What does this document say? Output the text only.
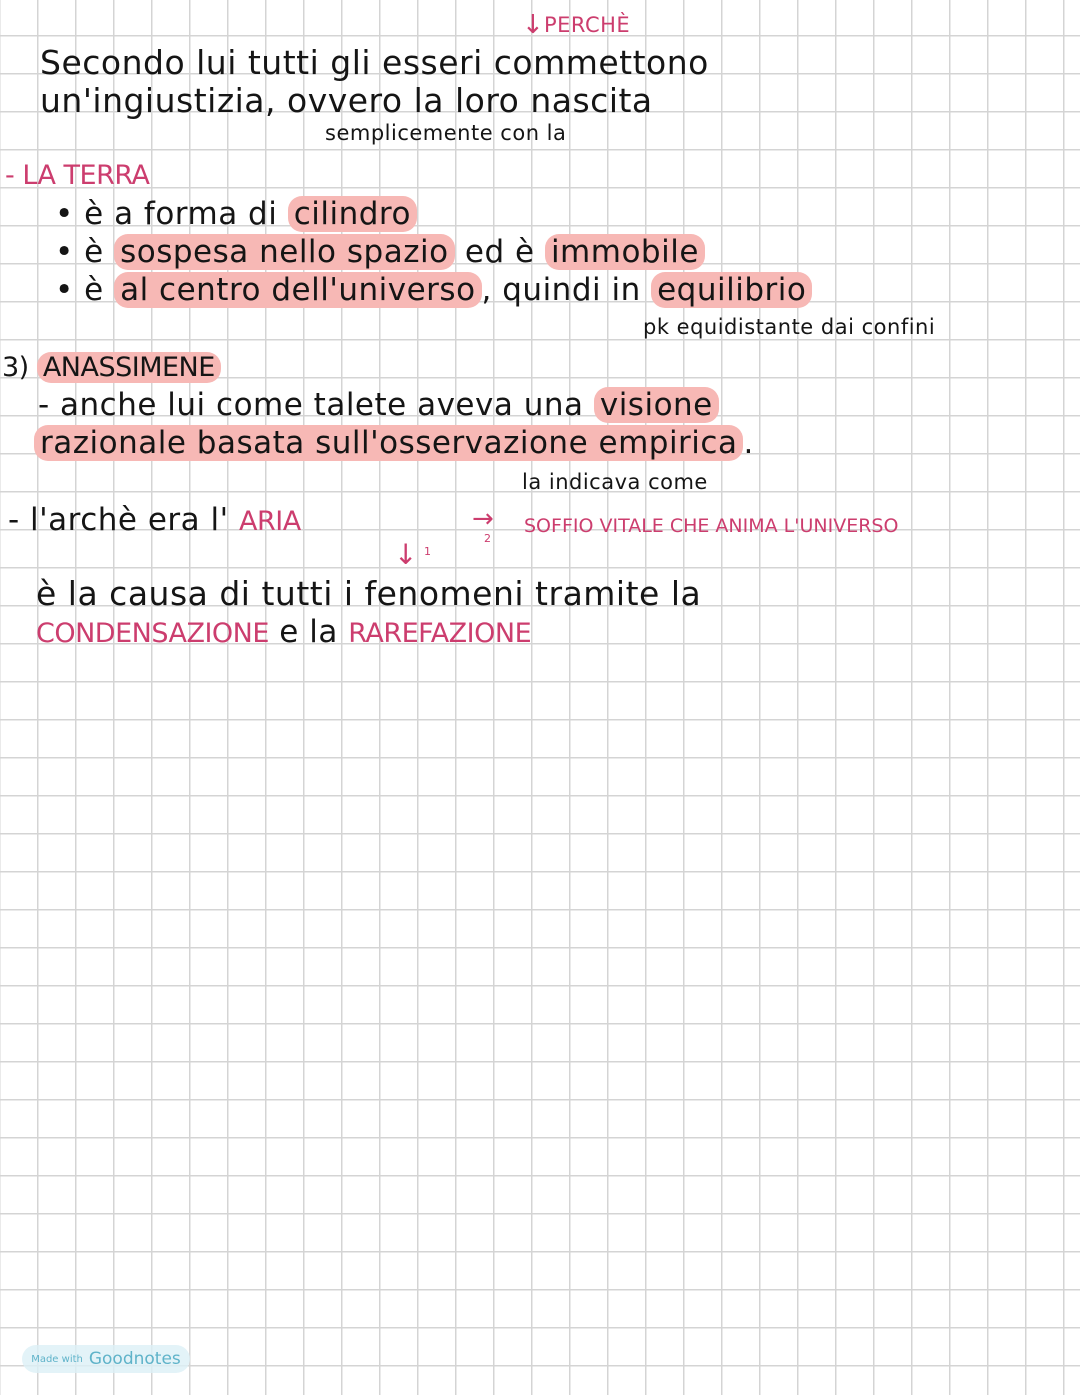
↓ PERCHÈ
Secondo lui tutti gli esseri commettono
un'ingiustizia, ovvero la loro nascita
semplicemente con la
- LA TERRA
• è a forma di cilindro
• è sospesa nello spazio ed è immobile
• è al centro dell'universo , quindi in equilibrio
pk equidistante dai confini
3) ANASSIMENE
- anche lui come talete aveva una visione
razionale basata sull'osservazione empirica .
la indicava come
- l'archè era l' ARIA	→
2
SOFFIO VITALE CHE ANIMA L'UNIVERSO
↓ 1
è la causa di tutti i fenomeni tramite la
CONDENSAZIONE e la RAREFAZIONE
Made with Goodnotes
